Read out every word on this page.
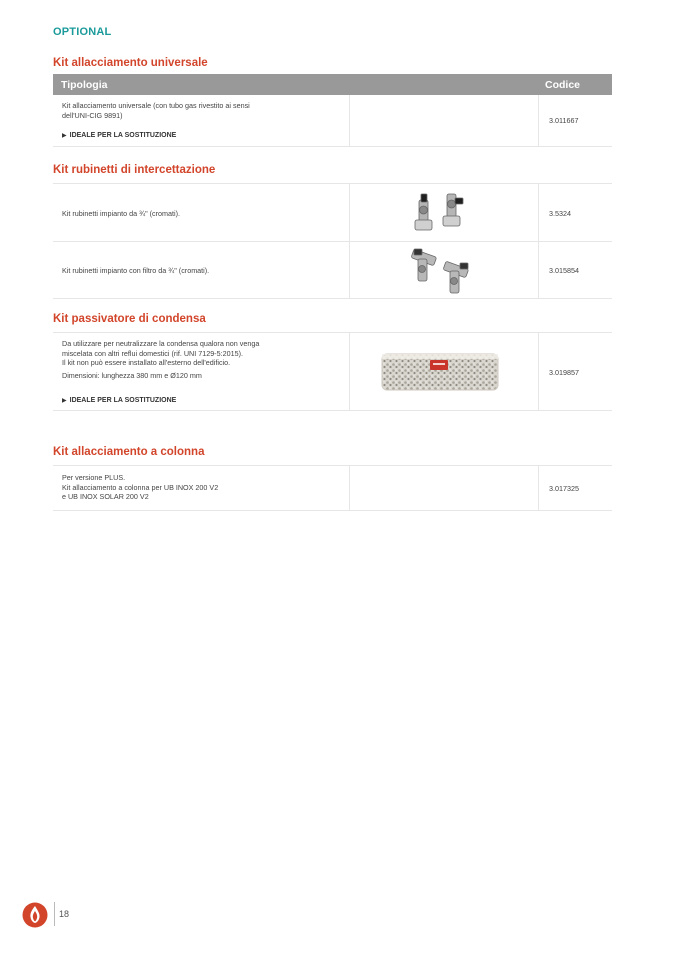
OPTIONAL
Kit allacciamento universale
Tipologia	Codice
Kit allacciamento universale (con tubo gas rivestito ai sensi
dell'UNI-CIG 9891)
▶ IDEALE PER LA SOSTITUZIONE
3.011667
Kit rubinetti di intercettazione
Kit rubinetti impianto da ¾" (cromati).	3.5324
Kit rubinetti impianto con filtro da ¾" (cromati).	3.015854
Kit passivatore di condensa
Da utilizzare per neutralizzare la condensa qualora non venga
miscelata con altri reflui domestici (rif. UNI 7129-5:2015).
Il kit non può essere installato all'esterno dell'edificio.
Dimensioni: lunghezza 380 mm e Ø120 mm
▶ IDEALE PER LA SOSTITUZIONE
3.019857
Kit allacciamento a colonna
Per versione PLUS.
Kit allacciamento a colonna per UB INOX 200 V2
e UB INOX SOLAR 200 V2
3.017325
18
